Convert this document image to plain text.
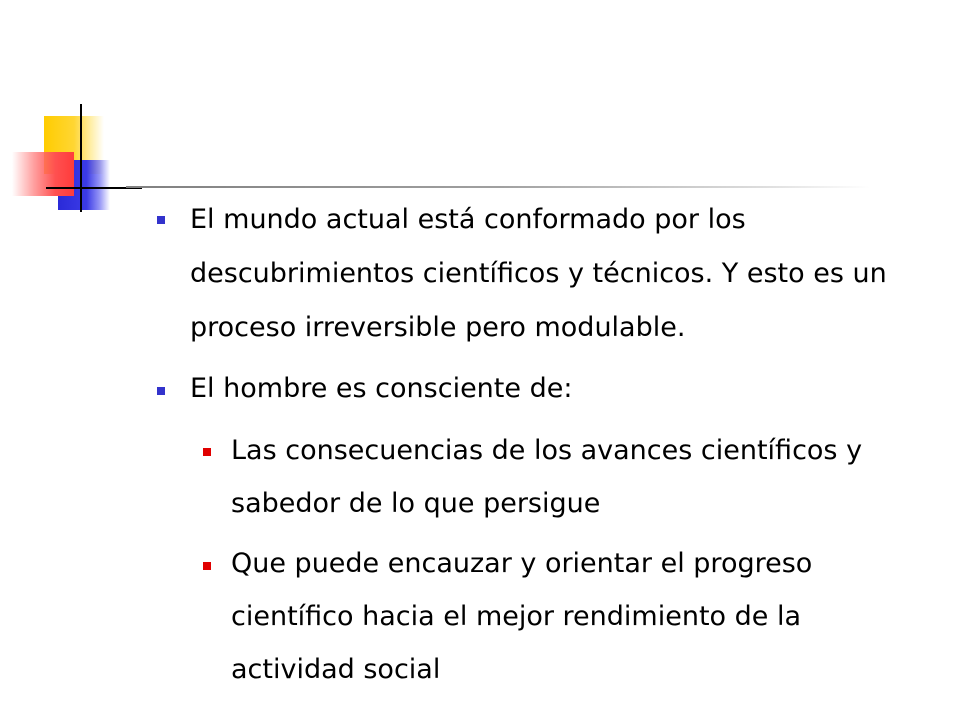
El mundo actual está conformado por los
descubrimientos científicos y técnicos. Y esto es un
proceso irreversible pero modulable.
El hombre es consciente de:
Las consecuencias de los avances científicos y
sabedor de lo que persigue
Que puede encauzar y orientar el progreso
científico hacia el mejor rendimiento de la
actividad social
